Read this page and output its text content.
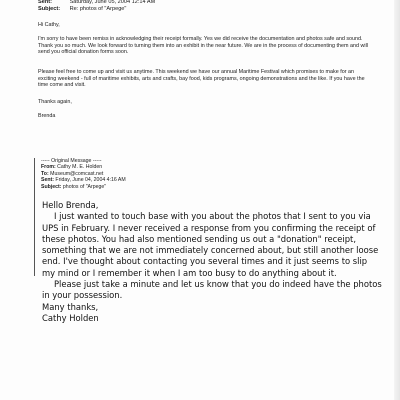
Sent:	Saturday, June 05, 2004 12:14 AM
Subject: Re: photos of "Arpege"
Hi Cathy,

I'm sorry to have been remiss in acknowledging their receipt formally. Yes we did receive the documentation and photos safe and sound. Thank you so much. We look forward to turning them into an exhibit in the near future. We are in the process of documenting them and will send you official donation forms soon.

Please feel free to come up and visit us anytime. This weekend we have our annual Maritime Festival which promises to make for an exciting weekend - full of maritime exhibits, arts and crafts, bay food, kids programs, ongoing demonstrations and the like. If you have the time come and visit.

Thanks again,
Brenda
----- Original Message -----
From: Cathy M. E. Holden
To: Museum@comcast.net
Sent: Friday, June 04, 2004 4:16 AM
Subject: photos of "Arpege"

Hello Brenda,

I just wanted to touch base with you about the photos that I sent to you via UPS in February. I never received a response from you confirming the receipt of these photos. You had also mentioned sending us out a "donation" receipt, something that we are not immediately concerned about, but still another loose end. I've thought about contacting you several times and it just seems to slip my mind or I remember it when I am too busy to do anything about it.

Please just take a minute and let us know that you do indeed have the photos in your possession.

Many thanks,

Cathy Holden
